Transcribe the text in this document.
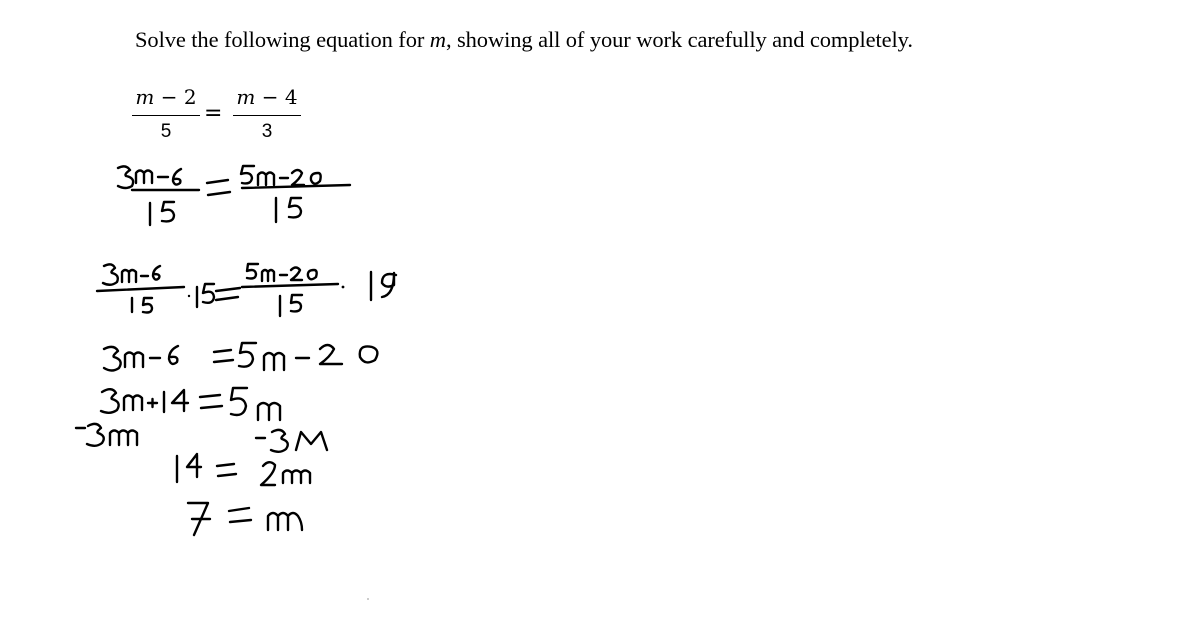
Solve the following equation for m, showing all of your work carefully and completely.
m − 2
5
=
m − 4
3
